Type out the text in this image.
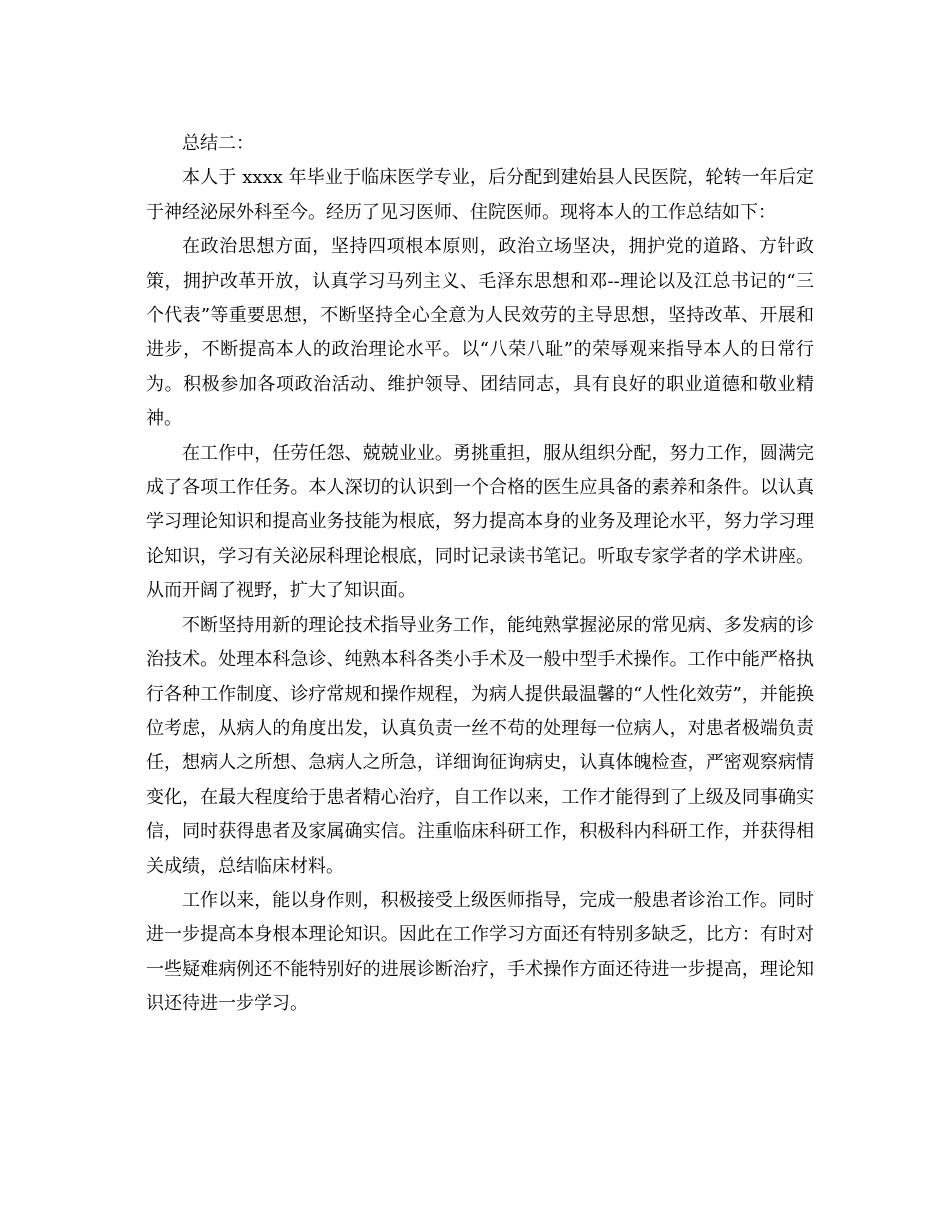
总结二：

本人于 xxxx 年毕业于临床医学专业，后分配到建始县人民医院，轮转一年后定于神经泌尿外科至今。经历了见习医师、住院医师。现将本人的工作总结如下：

在政治思想方面，坚持四项根本原则，政治立场坚决，拥护党的道路、方针政策，拥护改革开放，认真学习马列主义、毛泽东思想和邓--理论以及江总书记的“三个代表”等重要思想，不断坚持全心全意为人民效劳的主导思想，坚持改革、开展和进步，不断提高本人的政治理论水平。以“八荣八耻”的荣辱观来指导本人的日常行为。积极参加各项政治活动、维护领导、团结同志，具有良好的职业道德和敬业精神。

在工作中，任劳任怨、兢兢业业。勇挑重担，服从组织分配，努力工作，圆满完成了各项工作任务。本人深切的认识到一个合格的医生应具备的素养和条件。以认真学习理论知识和提高业务技能为根底，努力提高本身的业务及理论水平，努力学习理论知识，学习有关泌尿科理论根底，同时记录读书笔记。听取专家学者的学术讲座。从而开阔了视野，扩大了知识面。

不断坚持用新的理论技术指导业务工作，能纯熟掌握泌尿的常见病、多发病的诊治技术。处理本科急诊、纯熟本科各类小手术及一般中型手术操作。工作中能严格执行各种工作制度、诊疗常规和操作规程，为病人提供最温馨的“人性化效劳”，并能换位考虑，从病人的角度出发，认真负责一丝不苟的处理每一位病人，对患者极端负责任，想病人之所想、急病人之所急，详细询征询病史，认真体魄检查，严密观察病情变化，在最大程度给于患者精心治疗，自工作以来，工作才能得到了上级及同事确实信，同时获得患者及家属确实信。注重临床科研工作，积极科内科研工作，并获得相关成绩，总结临床材料。

工作以来，能以身作则，积极接受上级医师指导，完成一般患者诊治工作。同时进一步提高本身根本理论知识。因此在工作学习方面还有特别多缺乏，比方：有时对一些疑难病例还不能特别好的进展诊断治疗，手术操作方面还待进一步提高，理论知识还待进一步学习。
